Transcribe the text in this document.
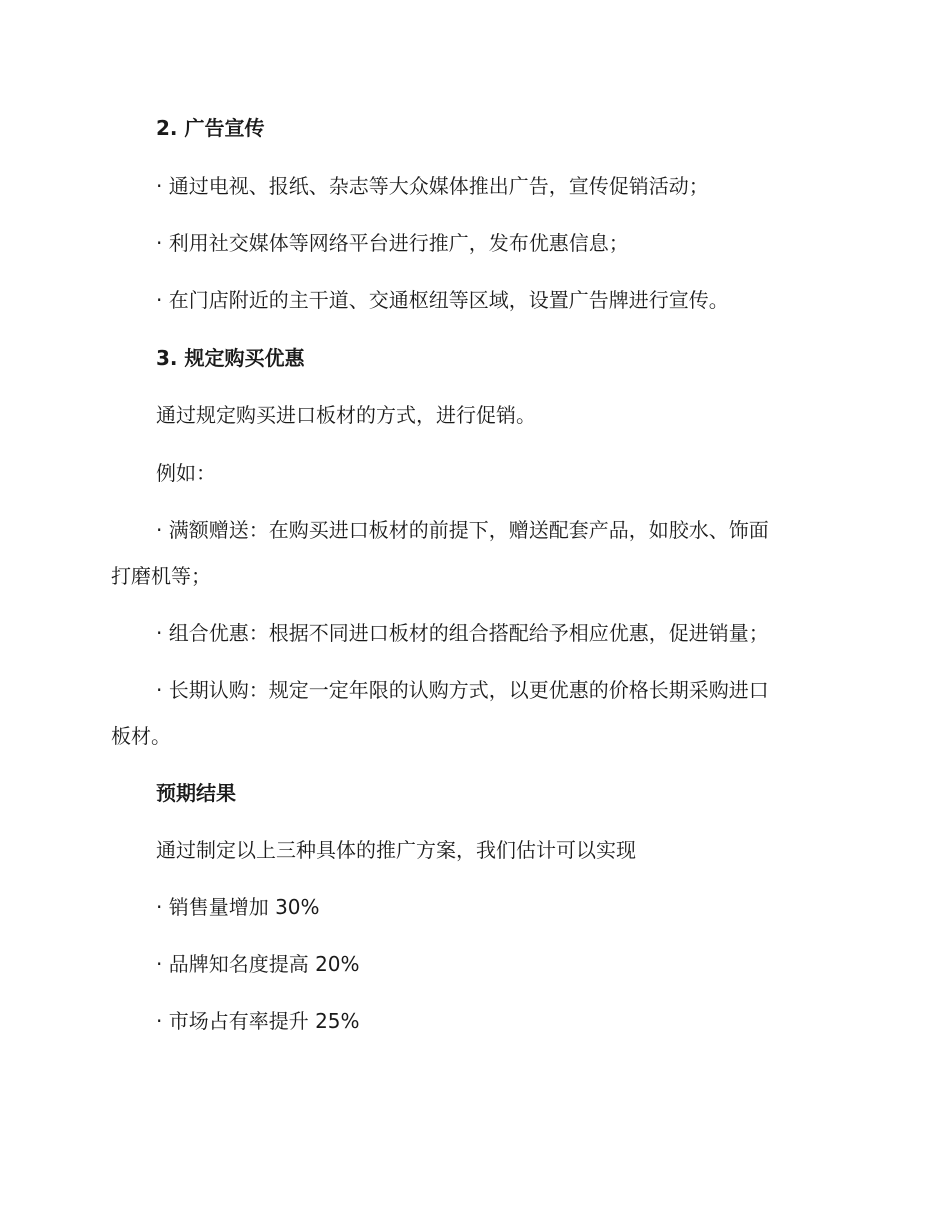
2. 广告宣传
· 通过电视、报纸、杂志等大众媒体推出广告，宣传促销活动；
· 利用社交媒体等网络平台进行推广，发布优惠信息；
· 在门店附近的主干道、交通枢纽等区域，设置广告牌进行宣传。
3. 规定购买优惠
通过规定购买进口板材的方式，进行促销。
例如：
· 满额赠送：在购买进口板材的前提下，赠送配套产品，如胶水、饰面
打磨机等；
· 组合优惠：根据不同进口板材的组合搭配给予相应优惠，促进销量；
· 长期认购：规定一定年限的认购方式，以更优惠的价格长期采购进口
板材。
预期结果
通过制定以上三种具体的推广方案，我们估计可以实现
· 销售量增加 30%
· 品牌知名度提高 20%
· 市场占有率提升 25%
